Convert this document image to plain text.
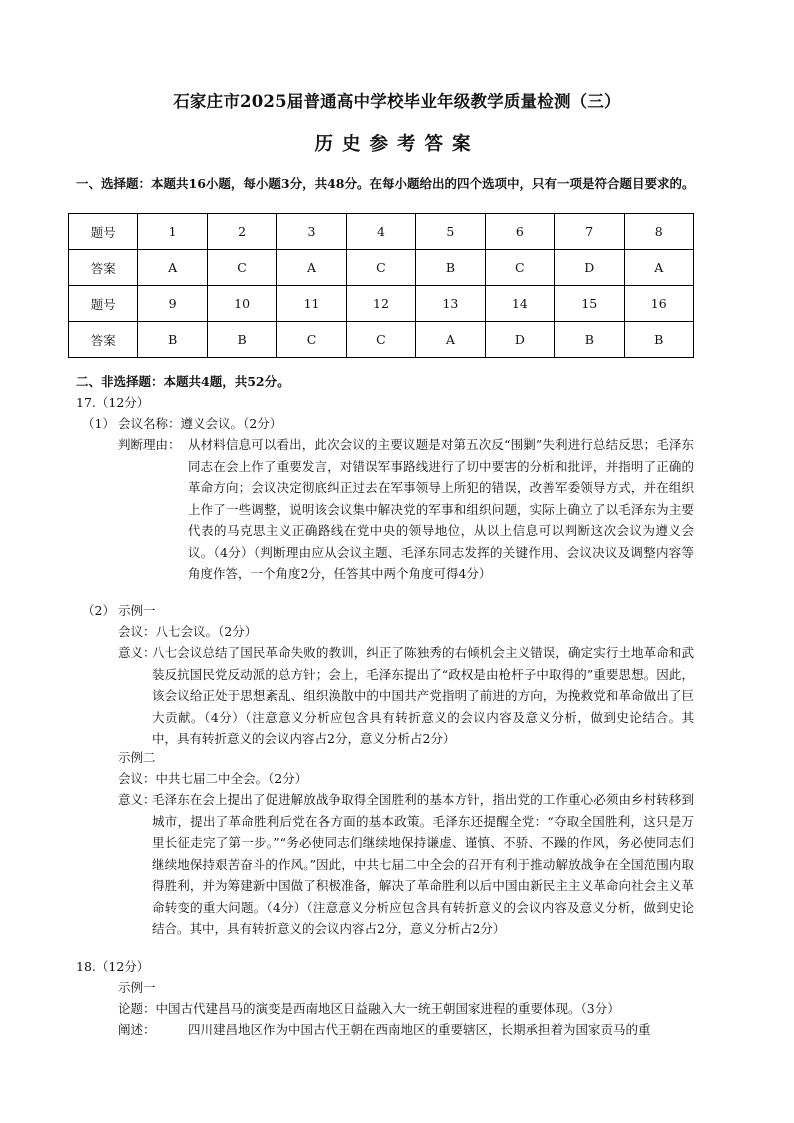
石家庄市2025届普通高中学校毕业年级教学质量检测（三）
历史参考答案
一、选择题：本题共16小题，每小题3分，共48分。在每小题给出的四个选项中，只有一项是符合题目要求的。
题号	1	2	3	4	5	6	7	8
答案	A	C	A	C	B	C	D	A
题号	9	10	11	12	13	14	15	16
答案	B	B	C	C	A	D	B	B
二、非选择题：本题共4题，共52分。
17.（12分）
（1） 会议名称：遵义会议。（2分）
判断理由： 从材料信息可以看出，此次会议的主要议题是对第五次反“围剿”失利进行总结反思；毛泽东同志在会上作了重要发言，对错误军事路线进行了切中要害的分析和批评，并指明了正确的革命方向；会议决定彻底纠正过去在军事领导上所犯的错误，改善军委领导方式，并在组织上作了一些调整，说明该会议集中解决党的军事和组织问题，实际上确立了以毛泽东为主要代表的马克思主义正确路线在党中央的领导地位，从以上信息可以判断这次会议为遵义会议。（4分）（判断理由应从会议主题、毛泽东同志发挥的关键作用、会议决议及调整内容等角度作答，一个角度2分，任答其中两个角度可得4分）
（2） 示例一
会议：八七会议。（2分）
意义：
八七会议总结了国民革命失败的教训，纠正了陈独秀的右倾机会主义错误，确定实行土地革命和武装反抗国民党反动派的总方针；会上，毛泽东提出了“政权是由枪杆子中取得的”重要思想。因此，该会议给正处于思想紊乱、组织涣散中的中国共产党指明了前进的方向，为挽救党和革命做出了巨大贡献。（4分）（注意意义分析应包含具有转折意义的会议内容及意义分析，做到史论结合。其中，具有转折意义的会议内容占2分，意义分析占2分）
示例二
会议：中共七届二中全会。（2分）
意义：
毛泽东在会上提出了促进解放战争取得全国胜利的基本方针，指出党的工作重心必须由乡村转移到城市，提出了革命胜利后党在各方面的基本政策。毛泽东还提醒全党：“夺取全国胜利，这只是万里长征走完了第一步。”“务必使同志们继续地保持谦虚、谨慎、不骄、不躁的作风，务必使同志们继续地保持艰苦奋斗的作风。”因此，中共七届二中全会的召开有利于推动解放战争在全国范围内取得胜利，并为筹建新中国做了积极准备，解决了革命胜利以后中国由新民主主义革命向社会主义革命转变的重大问题。（4分）（注意意义分析应包含具有转折意义的会议内容及意义分析，做到史论结合。其中，具有转折意义的会议内容占2分，意义分析占2分）
18.（12分）
示例一
论题：中国古代建昌马的演变是西南地区日益融入大一统王朝国家进程的重要体现。（3分）
阐述：	四川建昌地区作为中国古代王朝在西南地区的重要辖区，长期承担着为国家贡马的重
